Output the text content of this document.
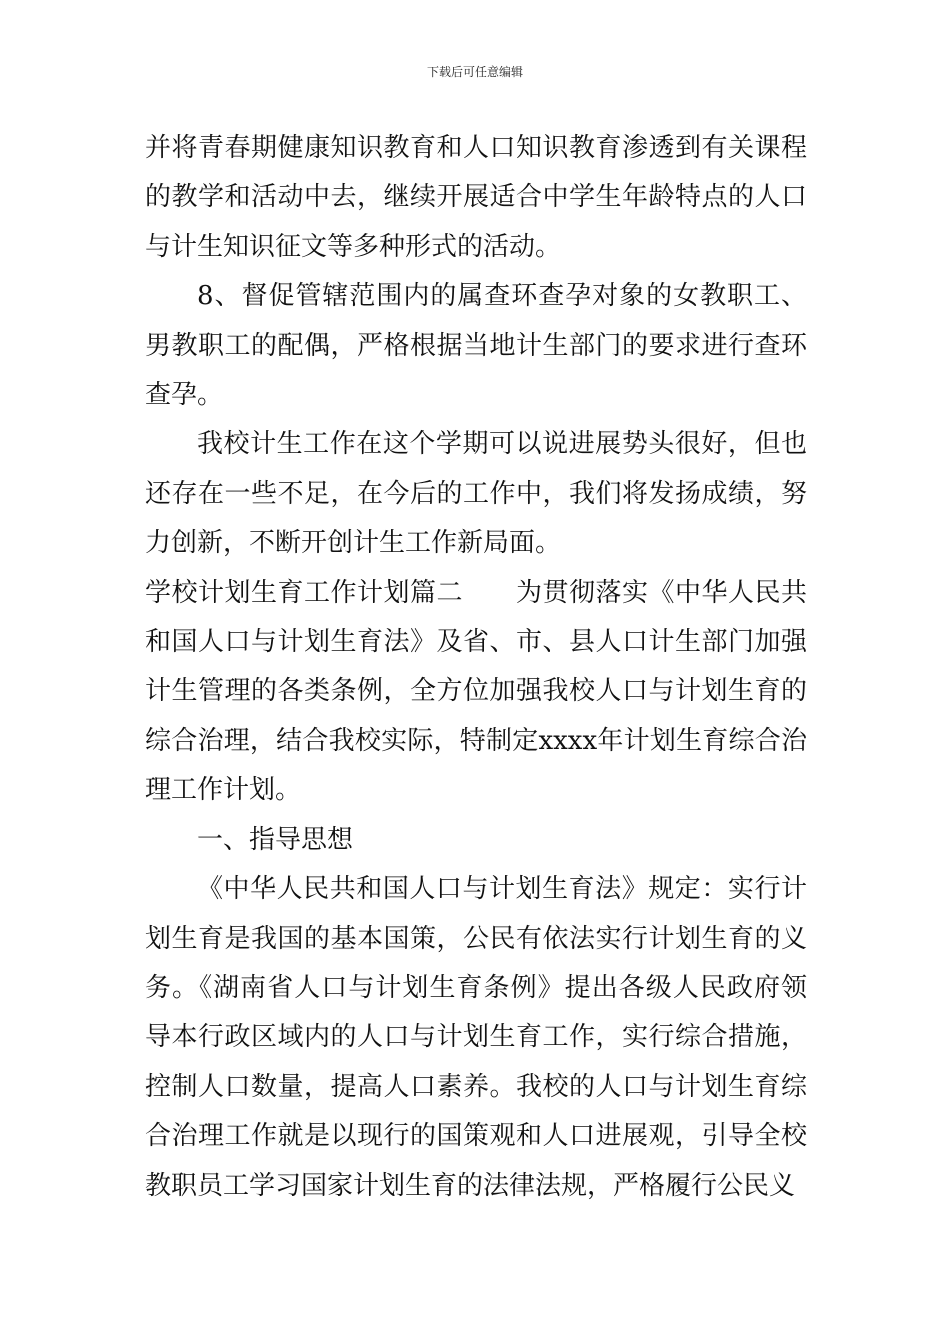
下载后可任意编辑

并将青春期健康知识教育和人口知识教育渗透到有关课程的教学和活动中去，继续开展适合中学生年龄特点的人口与计生知识征文等多种形式的活动。

8、督促管辖范围内的属查环查孕对象的女教职工、男教职工的配偶，严格根据当地计生部门的要求进行查环查孕。

我校计生工作在这个学期可以说进展势头很好，但也还存在一些不足，在今后的工作中，我们将发扬成绩，努力创新，不断开创计生工作新局面。

学校计划生育工作计划篇二　　为贯彻落实《中华人民共和国人口与计划生育法》及省、市、县人口计生部门加强计生管理的各类条例，全方位加强我校人口与计划生育的综合治理，结合我校实际，特制定xxxx年计划生育综合治理工作计划。

一、指导思想

《中华人民共和国人口与计划生育法》规定：实行计划生育是我国的基本国策，公民有依法实行计划生育的义务。《湖南省人口与计划生育条例》提出各级人民政府领导本行政区域内的人口与计划生育工作，实行综合措施，控制人口数量，提高人口素养。我校的人口与计划生育综合治理工作就是以现行的国策观和人口进展观，引导全校教职员工学习国家计划生育的法律法规，严格履行公民义
